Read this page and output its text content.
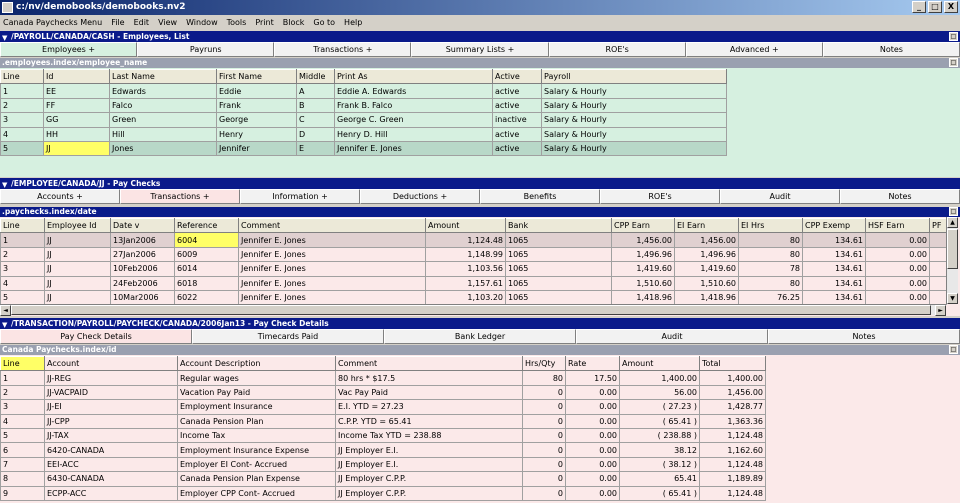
c:/nv/demobooks/demobooks.nv2	_	□	X
Canada Paychecks Menu File Edit View Window Tools Print Block Go to Help
▼ /PAYROLL/CANADA/CASH - Employees, List	□
Employees +	Payruns	Transactions +	Summary Lists +	ROE's	Advanced +	Notes
.employees.index/employee_name	□
Line	Id	Last Name	First Name	Middle	Print As	Active	Payroll
1	EE	Edwards	Eddie	A	Eddie A. Edwards	active	Salary & Hourly
2	FF	Falco	Frank	B	Frank B. Falco	active	Salary & Hourly
3	GG	Green	George	C	George C. Green	inactive	Salary & Hourly
4	HH	Hill	Henry	D	Henry D. Hill	active	Salary & Hourly
5	JJ	Jones	Jennifer	E	Jennifer E. Jones	active	Salary & Hourly
▼ /EMPLOYEE/CANADA/JJ - Pay Checks
Accounts +	Transactions +	Information +	Deductions +	Benefits	ROE's	Audit	Notes
.paychecks.index/date	□
Line	Employee Id	Date v	Reference	Comment	Amount	Bank	CPP Earn	EI Earn	EI Hrs	CPP Exemp	HSF Earn	PF
1	JJ	13Jan2006	6004	Jennifer E. Jones	1,124.48	1065	1,456.00	1,456.00	80	134.61	0.00	
2	JJ	27Jan2006	6009	Jennifer E. Jones	1,148.99	1065	1,496.96	1,496.96	80	134.61	0.00	
3	JJ	10Feb2006	6014	Jennifer E. Jones	1,103.56	1065	1,419.60	1,419.60	78	134.61	0.00	
4	JJ	24Feb2006	6018	Jennifer E. Jones	1,157.61	1065	1,510.60	1,510.60	80	134.61	0.00	
5	JJ	10Mar2006	6022	Jennifer E. Jones	1,103.20	1065	1,418.96	1,418.96	76.25	134.61	0.00	
▲
▼
◄	►
▼ /TRANSACTION/PAYROLL/PAYCHECK/CANADA/2006Jan13 - Pay Check Details
Pay Check Details	Timecards Paid	Bank Ledger	Audit	Notes
Canada Paychecks.index/id	□
Line	Account	Account Description	Comment	Hrs/Qty	Rate	Amount	Total
1	JJ-REG	Regular wages	80 hrs * $17.5	80	17.50	1,400.00	1,400.00
2	JJ-VACPAID	Vacation Pay Paid	Vac Pay Paid	0	0.00	56.00	1,456.00
3	JJ-EI	Employment Insurance	E.I. YTD = 27.23	0	0.00	( 27.23 )	1,428.77
4	JJ-CPP	Canada Pension Plan	C.P.P. YTD = 65.41	0	0.00	( 65.41 )	1,363.36
5	JJ-TAX	Income Tax	Income Tax YTD = 238.88	0	0.00	( 238.88 )	1,124.48
6	6420-CANADA	Employment Insurance Expense	JJ Employer E.I.	0	0.00	38.12	1,162.60
7	EEI-ACC	Employer EI Cont- Accrued	JJ Employer E.I.	0	0.00	( 38.12 )	1,124.48
8	6430-CANADA	Canada Pension Plan Expense	JJ Employer C.P.P.	0	0.00	65.41	1,189.89
9	ECPP-ACC	Employer CPP Cont- Accrued	JJ Employer C.P.P.	0	0.00	( 65.41 )	1,124.48
